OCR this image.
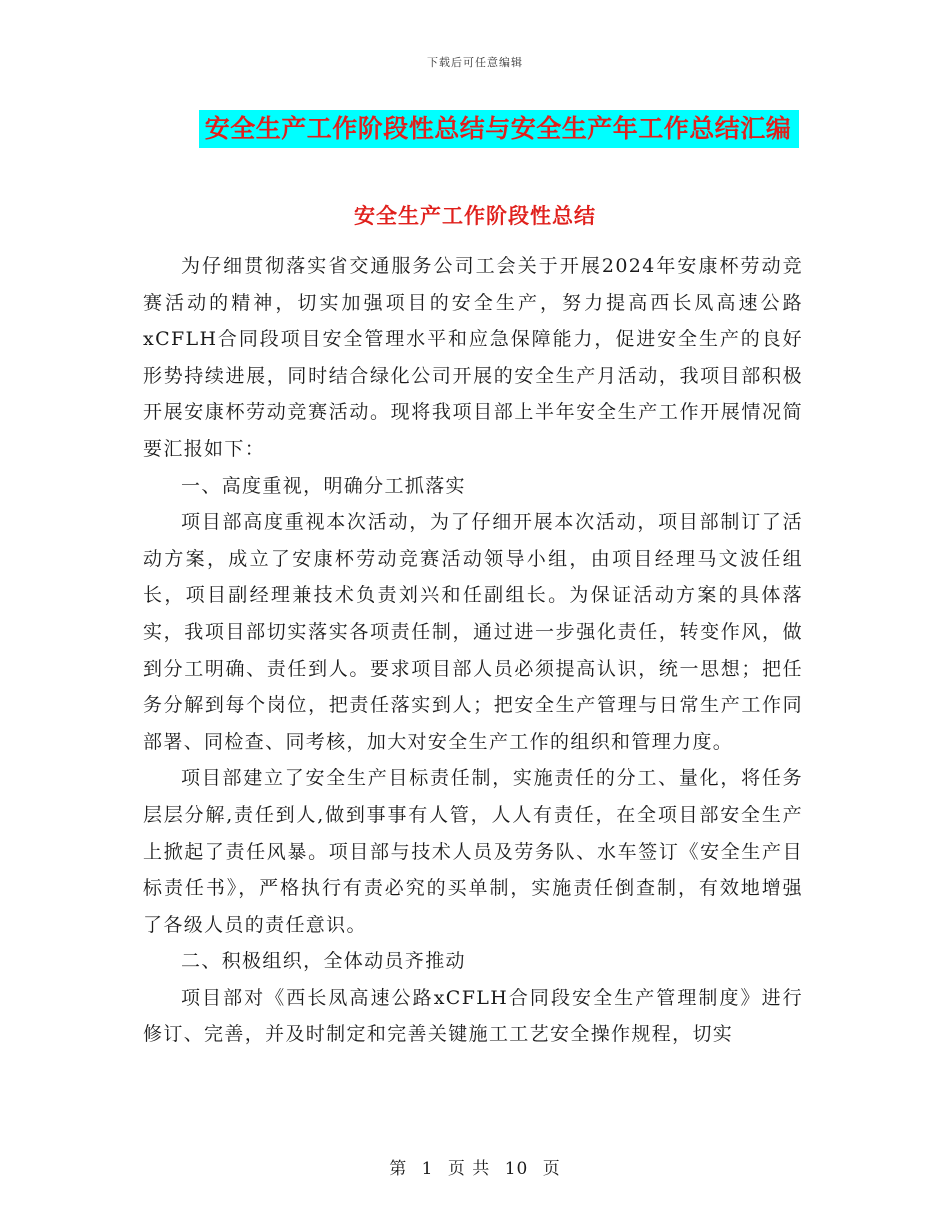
下载后可任意编辑
安全生产工作阶段性总结与安全生产年工作总结汇编
安全生产工作阶段性总结

为仔细贯彻落实省交通服务公司工会关于开展2024年安康杯劳动竞赛活动的精神，切实加强项目的安全生产，努力提高西长凤高速公路xCFLH合同段项目安全管理水平和应急保障能力，促进安全生产的良好形势持续进展，同时结合绿化公司开展的安全生产月活动，我项目部积极开展安康杯劳动竞赛活动。现将我项目部上半年安全生产工作开展情况简要汇报如下：

一、高度重视，明确分工抓落实

项目部高度重视本次活动，为了仔细开展本次活动，项目部制订了活动方案，成立了安康杯劳动竞赛活动领导小组，由项目经理马文波任组长，项目副经理兼技术负责刘兴和任副组长。为保证活动方案的具体落实，我项目部切实落实各项责任制，通过进一步强化责任，转变作风，做到分工明确、责任到人。要求项目部人员必须提高认识，统一思想；把任务分解到每个岗位，把责任落实到人；把安全生产管理与日常生产工作同部署、同检查、同考核，加大对安全生产工作的组织和管理力度。

项目部建立了安全生产目标责任制，实施责任的分工、量化，将任务层层分解,责任到人,做到事事有人管，人人有责任，在全项目部安全生产上掀起了责任风暴。项目部与技术人员及劳务队、水车签订《安全生产目标责任书》，严格执行有责必究的买单制，实施责任倒查制，有效地增强了各级人员的责任意识。

二、积极组织，全体动员齐推动

项目部对《西长凤高速公路xCFLH合同段安全生产管理制度》进行修订、完善，并及时制定和完善关键施工工艺安全操作规程，切实

第 1 页 共 10 页
